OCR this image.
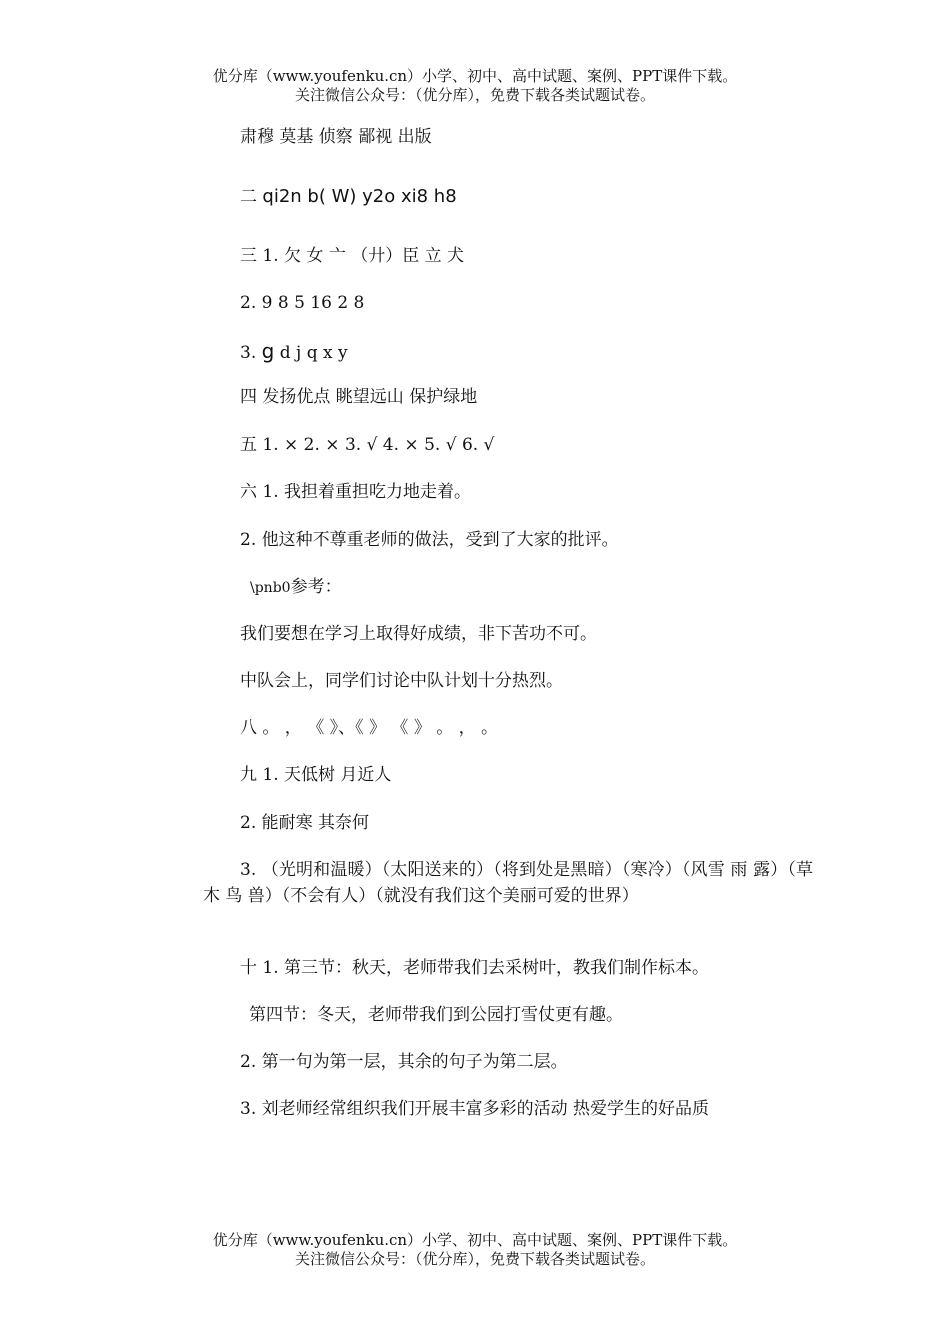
优分库（www.youfenku.cn）小学、初中、高中试题、案例、PPT课件下载。
关注微信公众号：（优分库），免费下载各类试题试卷。
肃穆 莫基 侦察 鄙视 出版
二 qi2n b( W) y2o xi8 h8
三 1. 欠 女 亠 （廾）臣 立 犬
2. 9 8 5 16 2 8
3. g d j q x y
四 发扬优点 眺望远山 保护绿地
五 1. × 2. × 3. √ 4. × 5. √ 6. √
六 1. 我担着重担吃力地走着。
2. 他这种不尊重老师的做法，受到了大家的批评。
\pnb0参考：
我们要想在学习上取得好成绩，非下苦功不可。
中队会上，同学们讨论中队计划十分热烈。
八 。 ， 《 》、《 》 《 》 。 ， 。
九 1. 天低树 月近人
2. 能耐寒 其奈何
3. （光明和温暖）（太阳送来的）（将到处是黑暗）（寒冷）（风雪 雨 露）（草 木 鸟 兽）（不会有人）（就没有我们这个美丽可爱的世界）
十 1. 第三节：秋天，老师带我们去采树叶，教我们制作标本。
第四节：冬天，老师带我们到公园打雪仗更有趣。
2. 第一句为第一层，其余的句子为第二层。
3. 刘老师经常组织我们开展丰富多彩的活动 热爱学生的好品质
优分库（www.youfenku.cn）小学、初中、高中试题、案例、PPT课件下载。
关注微信公众号：（优分库），免费下载各类试题试卷。
